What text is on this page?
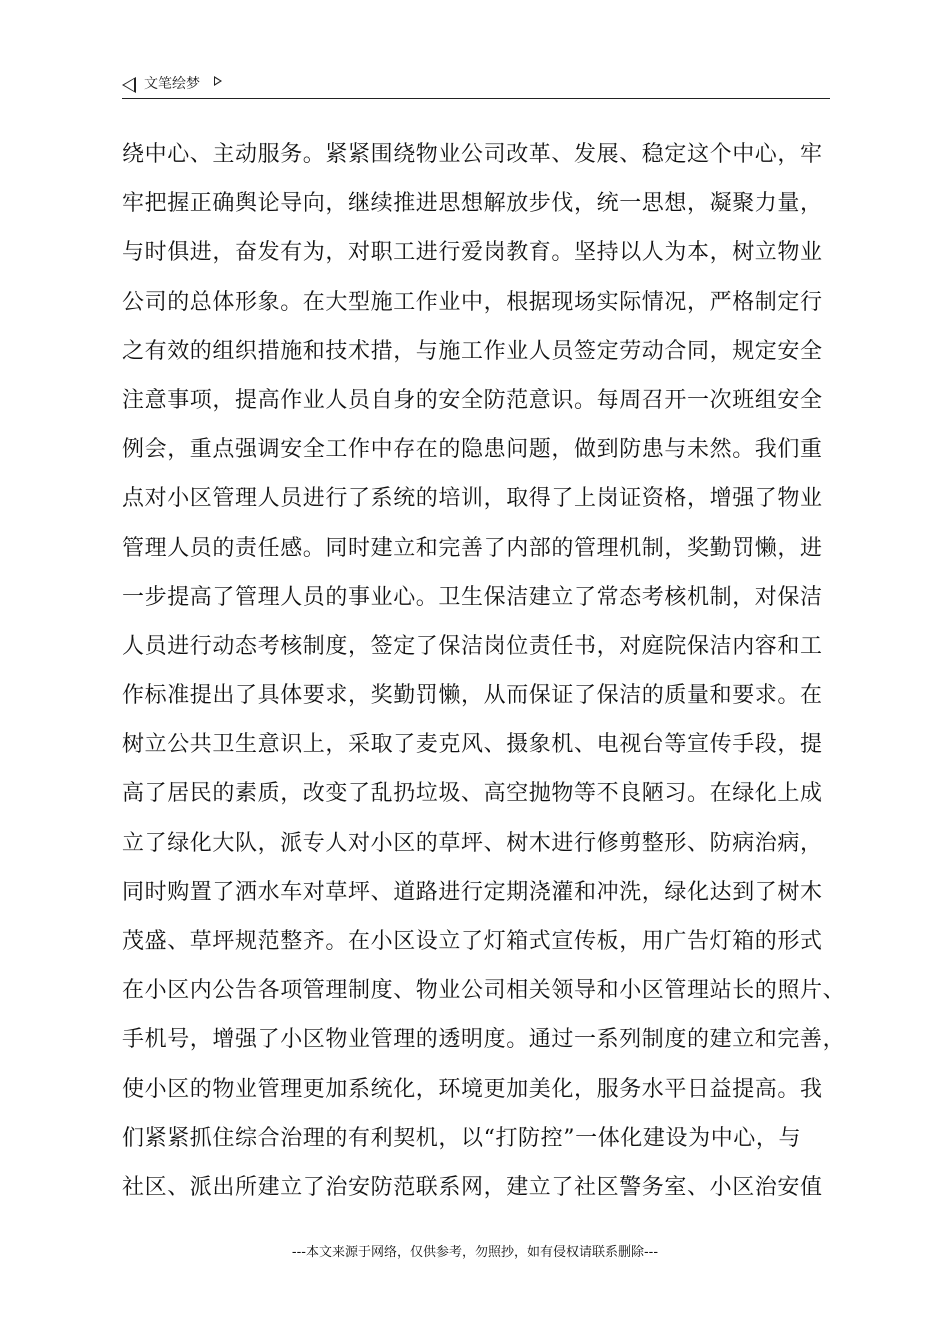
文笔绘梦
绕中心、主动服务。紧紧围绕物业公司改革、发展、稳定这个中心，牢
牢把握正确舆论导向，继续推进思想解放步伐，统一思想，凝聚力量，
与时俱进，奋发有为，对职工进行爱岗教育。坚持以人为本，树立物业
公司的总体形象。在大型施工作业中，根据现场实际情况，严格制定行
之有效的组织措施和技术措，与施工作业人员签定劳动合同，规定安全
注意事项，提高作业人员自身的安全防范意识。每周召开一次班组安全
例会，重点强调安全工作中存在的隐患问题，做到防患与未然。我们重
点对小区管理人员进行了系统的培训，取得了上岗证资格，增强了物业
管理人员的责任感。同时建立和完善了内部的管理机制，奖勤罚懒，进
一步提高了管理人员的事业心。卫生保洁建立了常态考核机制，对保洁
人员进行动态考核制度，签定了保洁岗位责任书，对庭院保洁内容和工
作标准提出了具体要求，奖勤罚懒，从而保证了保洁的质量和要求。在
树立公共卫生意识上，采取了麦克风、摄象机、电视台等宣传手段，提
高了居民的素质，改变了乱扔垃圾、高空抛物等不良陋习。在绿化上成
立了绿化大队，派专人对小区的草坪、树木进行修剪整形、防病治病，
同时购置了洒水车对草坪、道路进行定期浇灌和冲洗，绿化达到了树木
茂盛、草坪规范整齐。在小区设立了灯箱式宣传板，用广告灯箱的形式
在小区内公告各项管理制度、物业公司相关领导和小区管理站长的照片、
手机号，增强了小区物业管理的透明度。通过一系列制度的建立和完善，
使小区的物业管理更加系统化，环境更加美化，服务水平日益提高。我
们紧紧抓住综合治理的有利契机，以“打防控”一体化建设为中心，与
社区、派出所建立了治安防范联系网，建立了社区警务室、小区治安值
---本文来源于网络，仅供参考，勿照抄，如有侵权请联系删除---
